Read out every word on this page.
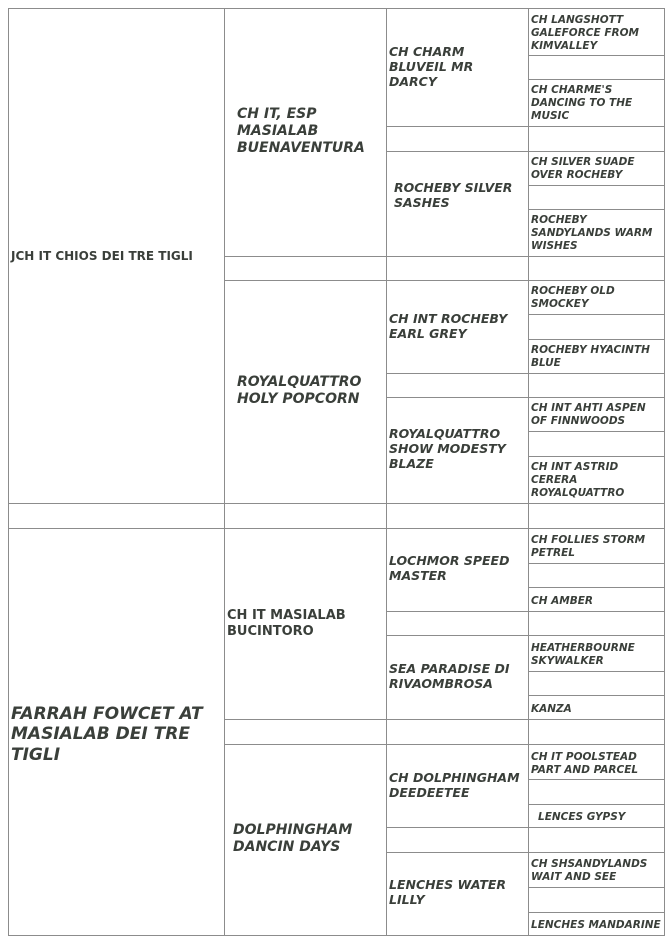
JCH IT CHIOS DEI TRE TIGLI
FARRAH FOWCET AT MASIALAB DEI TRE TIGLI
CH IT, ESP MASIALAB BUENAVENTURA
ROYALQUATTRO HOLY POPCORN
CH IT MASIALAB BUCINTORO
DOLPHINGHAM DANCIN DAYS
CH CHARM BLUVEIL MR DARCY
ROCHEBY SILVER SASHES
CH INT ROCHEBY EARL GREY
ROYALQUATTRO SHOW MODESTY BLAZE
LOCHMOR SPEED MASTER
SEA PARADISE DI RIVAOMBROSA
CH DOLPHINGHAM DEEDEETEE
LENCHES WATER LILLY
CH LANGSHOTT GALEFORCE FROM KIMVALLEY
CH CHARME'S DANCING TO THE MUSIC
CH SILVER SUADE OVER ROCHEBY
ROCHEBY SANDYLANDS WARM WISHES
ROCHEBY OLD SMOCKEY
ROCHEBY HYACINTH BLUE
CH INT AHTI ASPEN OF FINNWOODS
CH INT ASTRID CERERA ROYALQUATTRO
CH FOLLIES STORM PETREL
CH AMBER
HEATHERBOURNE SKYWALKER
KANZA
CH IT POOLSTEAD PART AND PARCEL
LENCES GYPSY
CH SHSANDYLANDS WAIT AND SEE
LENCHES MANDARINE
